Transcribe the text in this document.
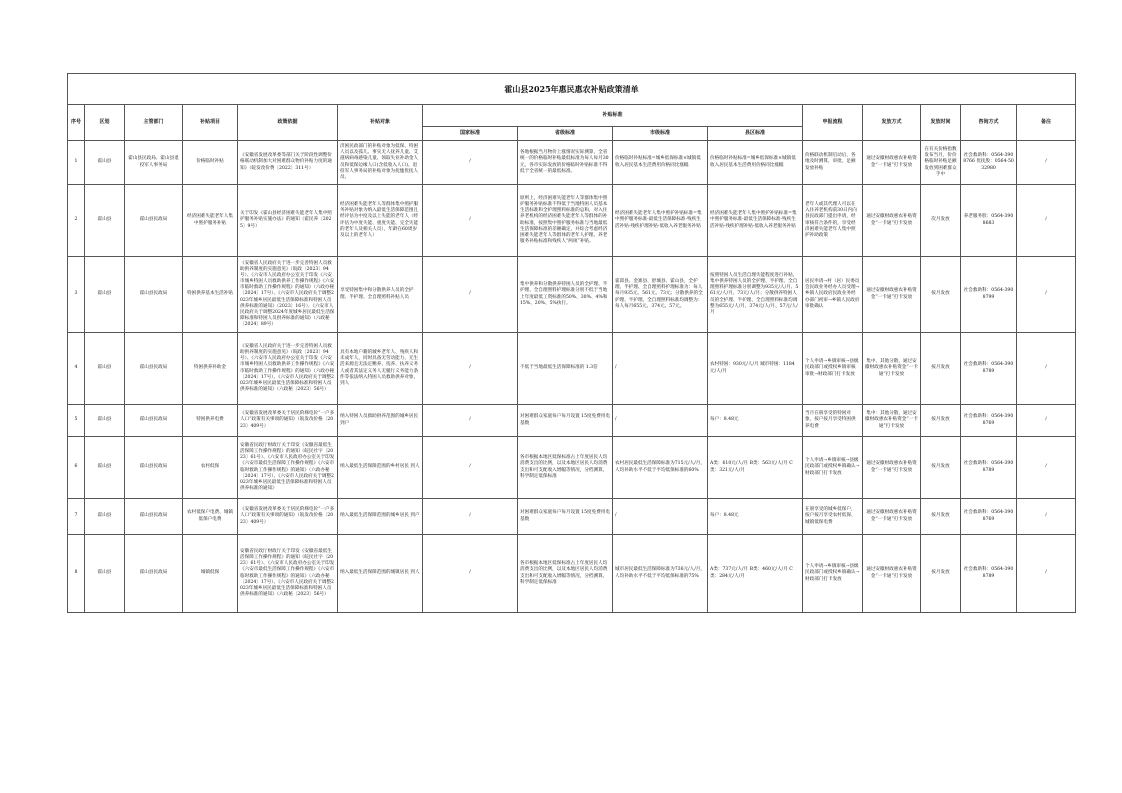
霍山县2025年惠民惠农补贴政策清单														
序号	区划	主管部门	补贴项目	政策依据	补贴对象	补贴标准				申报流程	发放方式	发放时间	咨询方式	备注
						国家标准	省级标准	市级标准	县区标准					
1	霍山县	霍山县民政局、霍山县退役军人事务局	价格临时补贴	《安徽省发展改革委等部门关于阶段性调整价格联动机制加大对困难群众物价补贴力度的通知》（皖发改价费〔2022〕311号）	济困民政部门的补贴对象为低保、特困人员以及孤儿、事实无人抚养儿童、艾滋病病毒感染儿童、领取失业补助金人员和低保边缘人口(含低收入人口)、退役军人事务局的补贴对象为抚恤优抚人员、	/	各地根据当月物价上涨情况实际测算，全省统一的价格临时补贴最低标准为每人每月30元，各市实际发放的价格临时补贴标准不得低于全省统一的最低标准。	价格临时补贴标准=城乡低保标准×城镇低收入居民基本生活费用价格同比涨幅	价格临时补贴标准=城乡低保标准×城镇低收入居民基本生活费用价格同比涨幅	价格联动机制启动后，各地及时测算，审批，足额发放补贴	通过安徽财政惠农补贴资金“一卡通”打卡发放	在有关价格指数发布当月，价价格临时补贴足额发放到困难群众手中	社会救助科：0564-3908766 优抚股：0564-5032980	/
2	霍山县	霍山县民政局	经济困难失能老年人集中照护服务补贴	关于印发《霍山县经济困难失能老年人集中照护服务补贴实施办法》的通知（霍民养〔2025〕9号）	经济困难失能老年人等群体集中照护服务补贴对象为纳入最低生活保障范围且经评估为中度及以上失能的老年人（经评估为中度失能、重度失能、完全失能的老年人及相关人员），年龄在60周岁及以上的老年人）	/	原则上，经济困难失能老年人等群体集中照护服务补贴标准不得低于当地特困人员基本生活标准和全护理照料标准的总和，对入住养老机构的经济困难失能老年人等群体的补助标准，按照集中照护服务标准与当地最低生活保障标准的差额确定，并综合考虑经济困难失能老年人等群体的老年人护理、养老服务补贴标准和残疾人“两项”补贴。	经济困难失能老年人集中照护补贴标准=集中照护服务标准-最低生活保障标准-残疾生活补贴-残疾护理补贴-低收入养老服务补贴	经济困难失能老年人集中照护补贴标准=集中照护服务标准-最低生活保障标准-残疾生活补贴-残疾护理补贴-低收入养老服务补贴	老年人或其代理人可以在入住养老机构前30日内向县民政部门提出申请，经审核符合条件的，享受经济困难失能老年人集中照护补助政策	通过安徽财政惠农补贴资金“一卡通”打卡发放	次月发放	养老服务股：0564-3908683	/
3	霍山县	霍山县民政局	特困供养基本生活补贴	《安徽省人民政府关于进一步完善特困人员救助供养制度的实施意见》（皖政〔2023〕94号）、《六安市人民政府办公室关于印发《六安市城乡特困人员救助供养工作操作规程》《六安市临时救助工作操作规程》的通知》（六政办秘〔2024〕17号）、《六安市人民政府关于调整2023年城乡居民最低生活保障标准和特困人员供养标准的通知》（2023〕16号）、《六安市人民政府关于调整2024年度城乡居民最低生活保障标准和特困人员供养标准的通知》（六政秘〔2024〕89号）	享受特困集中和分散供养人员的全护理、半护理、全自理照料补贴人员	/	集中供养和分散供养特困人员的全护理、半护理、全自理照料护理标准分别不低于当地上年度最低工资标准的50%、30%、4%和15%、20%、5%执行。	霍邱县、金寨县、舒城县、霍山县，全护理、半护理、全自理照料护理标准为：每人每月935元、561元、73元；分散供养的全护理、半护理、全自理照料标准均调整为：每人每月655元、374元、57元。	按照特困人员生活自理失能程度进行补贴，集中供养特困人员的全护理、半护理、全自理照料护理标准分别调整为935元/人/月、561元/人/月、73元/人/月；分散供养特困人员的全护理、半护理、全自理照料标准均调整为655元/人/月、374元/人/月、57元/人/月	居民申请→村（居）民委员会民政业务经办人员受理→乡镇人民政府民政业务经办部门初审→乡镇人民政府审批确认	通过安徽财政惠农补贴资金“一卡通”打卡发放	按月发放	社会救助科：0564-3908799	/
4	霍山县	霍山县民政局	特困供养补助金	《安徽省人民政府关于进一步完善特困人员救助供养制度的实施意见》（皖政〔2023〕94号）、《六安市人民政府办公室关于印发《六安市城乡特困人员救助供养工作操作规程》《六安市临时救助工作操作规程》的通知》（六政办秘〔2024〕17号）、《六安市人民政府关于调整2023年城乡居民最低生活保障标准和特困人员供养标准的通知》（六政秘〔2023〕56号）	具有本地户籍的城乡老年人、残疾人和未成年人，同时具备无劳动能力、无生活来源且无法定赡养、抚养、扶养义务人或者其法定义务人无履行义务能力条件等依法纳入特困人员救助供养对象，到人	/	不低于当地最低生活保障标准的 1.3倍	/	农村特困：930元/人/月 城市特困：1184元/人/月	个人申请→乡镇审核→县级民政部门或授权乡镇审核审批→财政部门打卡发放	集中、其他分散，通过安徽财政惠农补贴资金“一卡通”打卡发放	按月发放	社会救助科：0564-3908789	/
5	霍山县	霍山县民政局	特困供养电费	《安徽省发展改革委关于居民阶梯电价“一户多人口”政策有关事项的通知》（皖发改价格〔2023〕409号）	纳入特困人员救助供养范围的城乡居民 到户	/	对困难群众家庭每户每月设置 15度免费用电基数	/	每户：8.48元	当月在册享受的特困对象，按户按月享受特困供养电费	集中：其他分散，通过安徽财政惠农补贴资金“一卡通”打卡发放	按月发放	社会救助科：0564-3908769	/
6	霍山县	霍山县民政局	农村低保	安徽省民政厅财政厅关于印发《安徽省最低生活保障工作操作规程》的通知（皖民社字〔2023〕61号）、《六安市人民政府办公室关于印发《六安市最低生活保障工作操作规程》《六安市临时救助工作操作规程》的通知》（六政办秘〔2024〕17号）、《六安市人民政府关于调整2023年城乡居民最低生活保障标准和特困人员供养标准的通知》	纳入最低生活保障范围的乡村居民 到人	/	各市根据本地区低保标准占上年度居民人均消费支出的比例，以及本地区居民人均消费支出和可支配收入增幅等情况，分档测算，科学制定低保标准	农村居民最低生活保障标准为715元/人/月，人均补助水平不低于平均低保标准的60%	A类：610元/人/月 B类：563元/人/月 C类：321元/人/月	个人申请→乡镇审核→县级民政部门或授权乡镇确认→财政部门打卡发放	通过安徽财政惠农补贴资金“一卡通”打卡发放	按月发放	社会救助科：0564-3908789	/
7	霍山县	霍山县民政局	农村低保户电费、城镇低保户电费	《安徽省发展改革委关于居民阶梯电价“一户多人口”政策有关事项的通知》（皖发改价格〔2023〕409号）	纳入最低生活保障范围的城乡居民 到户	/	对困难群众家庭每户每月设置 15度免费用电基数	/	每户：8.48元	在册享受的城乡低保户，按户按月享受农村低保、城镇低保电费	通过安徽财政惠农补贴资金“一卡通”打卡发放	按月发放	社会救助科：0564-3908769	/
8	霍山县	霍山县民政局	城镇低保	安徽省民政厅财政厅关于印发《安徽省最低生活保障工作操作规程》的通知（皖民社字〔2023〕61号）、《六安市人民政府办公室关于印发《六安市最低生活保障工作操作规程》《六安市临时救助工作操作规程》的通知》（六政办秘〔2024〕17号）、《六安市人民政府关于调整2023年城乡居民最低生活保障标准和特困人员供养标准的通知》（六政秘〔2023〕56号）	纳入最低生活保障范围的城镇居民 到人	/	各市根据本地区低保标准占上年度居民人均消费支出的比例，以及本地区居民人均消费支出和可支配收入增幅等情况，分档测算，科学制定低保标准	城市居民最低生活保障标准为736元/人/月，人均补助水平不低于平均低保标准的75%	A类：737元/人/月 B类：460元/人/月 C类：284元/人/月	个人申请→乡镇审核→县级民政部门或授权乡镇确认→财政部门打卡发放	通过安徽财政惠农补贴资金“一卡通”打卡发放	按月发放	社会救助科：0564-3908789	/
